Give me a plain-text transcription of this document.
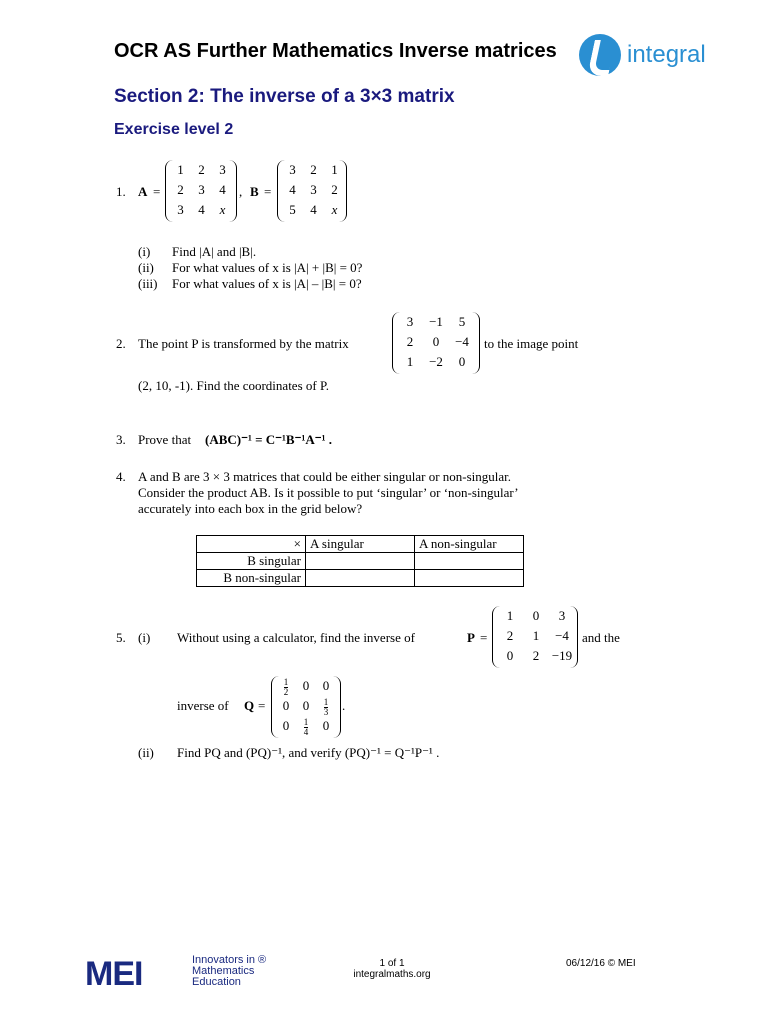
OCR AS Further Mathematics Inverse matrices	integral
Section 2: The inverse of a 3×3 matrix
Exercise level 2
1. A =
1	2	3
2	3	4
3	4	x
, B =
3	2	1
4	3	2
5	4	x
(i) Find |A| and |B|.
(ii) For what values of x is |A| + |B| = 0?
(iii) For what values of x is |A| – |B| = 0?
2. The point P is transformed by the matrix
3	−1	5
2	0	−4
1	−2	0
to the image point
(2, 10, -1). Find the coordinates of P.
3. Prove that (ABC)⁻¹ = C⁻¹B⁻¹A⁻¹ .
4. A and B are 3 × 3 matrices that could be either singular or non-singular.
Consider the product AB. Is it possible to put ‘singular’ or ‘non-singular’
accurately into each box in the grid below?
×	A singular	A non-singular
B singular		
B non-singular		
5. (i) Without using a calculator, find the inverse of	P =
1	0	3
2	1	−4
0	2 −19
and the
inverse of Q =
$\frac{1}{2}$	0	0
0	0	$\frac{1}{3}$
0	$\frac{1}{4}$	0
.
(ii) Find PQ and (PQ)⁻¹, and verify (PQ)⁻¹ = Q⁻¹P⁻¹ .
MEI	Innovators in ®
Mathematics
Education
1 of 1
integralmaths.org
06/12/16 © MEI
